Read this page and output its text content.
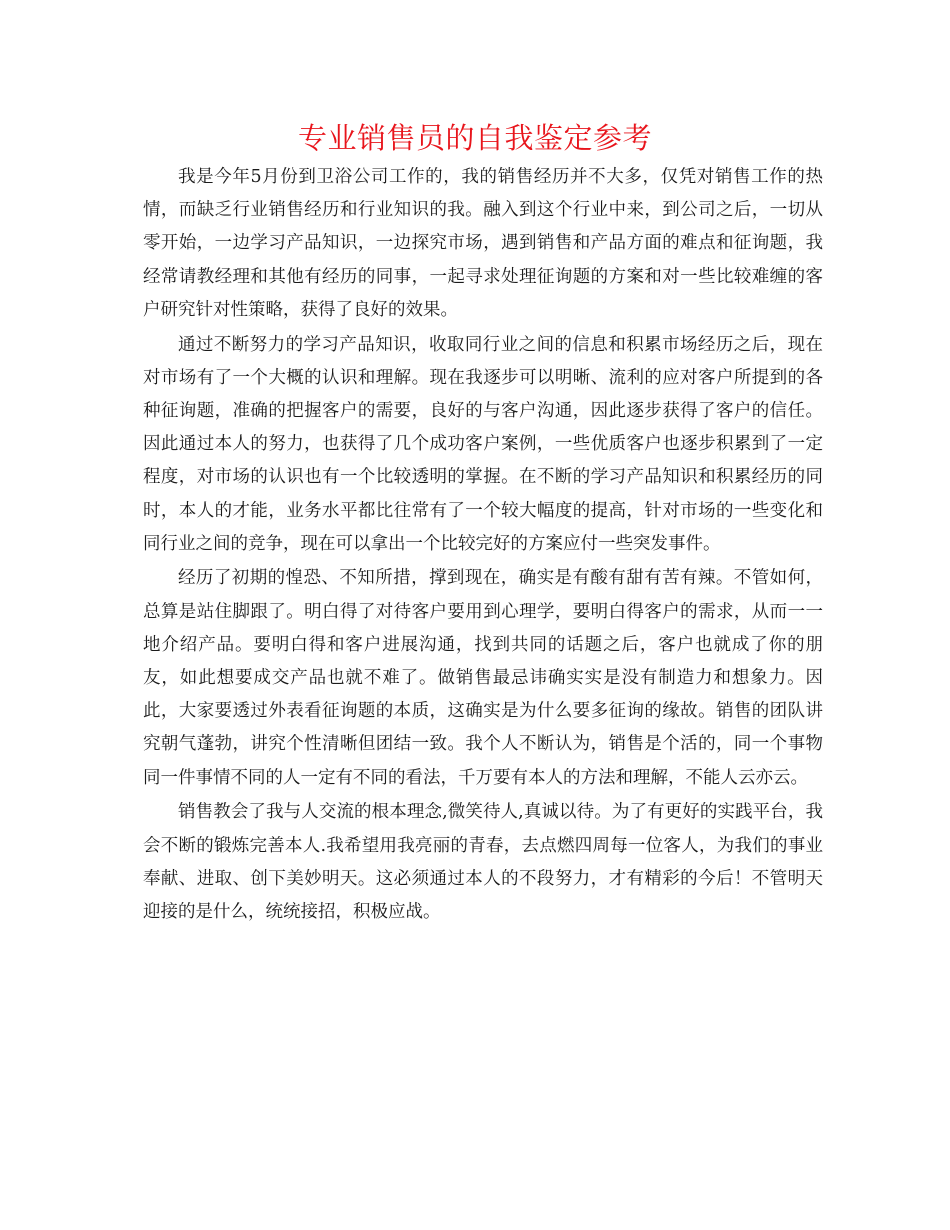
专业销售员的自我鉴定参考

我是今年5月份到卫浴公司工作的，我的销售经历并不大多，仅凭对销售工作的热情，而缺乏行业销售经历和行业知识的我。融入到这个行业中来，到公司之后，一切从零开始，一边学习产品知识，一边探究市场，遇到销售和产品方面的难点和征询题，我经常请教经理和其他有经历的同事，一起寻求处理征询题的方案和对一些比较难缠的客户研究针对性策略，获得了良好的效果。

通过不断努力的学习产品知识，收取同行业之间的信息和积累市场经历之后，现在对市场有了一个大概的认识和理解。现在我逐步可以明晰、流利的应对客户所提到的各种征询题，准确的把握客户的需要，良好的与客户沟通，因此逐步获得了客户的信任。因此通过本人的努力，也获得了几个成功客户案例，一些优质客户也逐步积累到了一定程度，对市场的认识也有一个比较透明的掌握。在不断的学习产品知识和积累经历的同时，本人的才能，业务水平都比往常有了一个较大幅度的提高，针对市场的一些变化和同行业之间的竞争，现在可以拿出一个比较完好的方案应付一些突发事件。

经历了初期的惶恐、不知所措，撑到现在，确实是有酸有甜有苦有辣。不管如何，总算是站住脚跟了。明白得了对待客户要用到心理学，要明白得客户的需求，从而一一地介绍产品。要明白得和客户进展沟通，找到共同的话题之后，客户也就成了你的朋友，如此想要成交产品也就不难了。做销售最忌讳确实实是没有制造力和想象力。因此，大家要透过外表看征询题的本质，这确实是为什么要多征询的缘故。销售的团队讲究朝气蓬勃，讲究个性清晰但团结一致。我个人不断认为，销售是个活的，同一个事物同一件事情不同的人一定有不同的看法，千万要有本人的方法和理解，不能人云亦云。

销售教会了我与人交流的根本理念,微笑待人,真诚以待。为了有更好的实践平台，我会不断的锻炼完善本人.我希望用我亮丽的青春，去点燃四周每一位客人，为我们的事业奉献、进取、创下美妙明天。这必须通过本人的不段努力，才有精彩的今后！不管明天迎接的是什么，统统接招，积极应战。
